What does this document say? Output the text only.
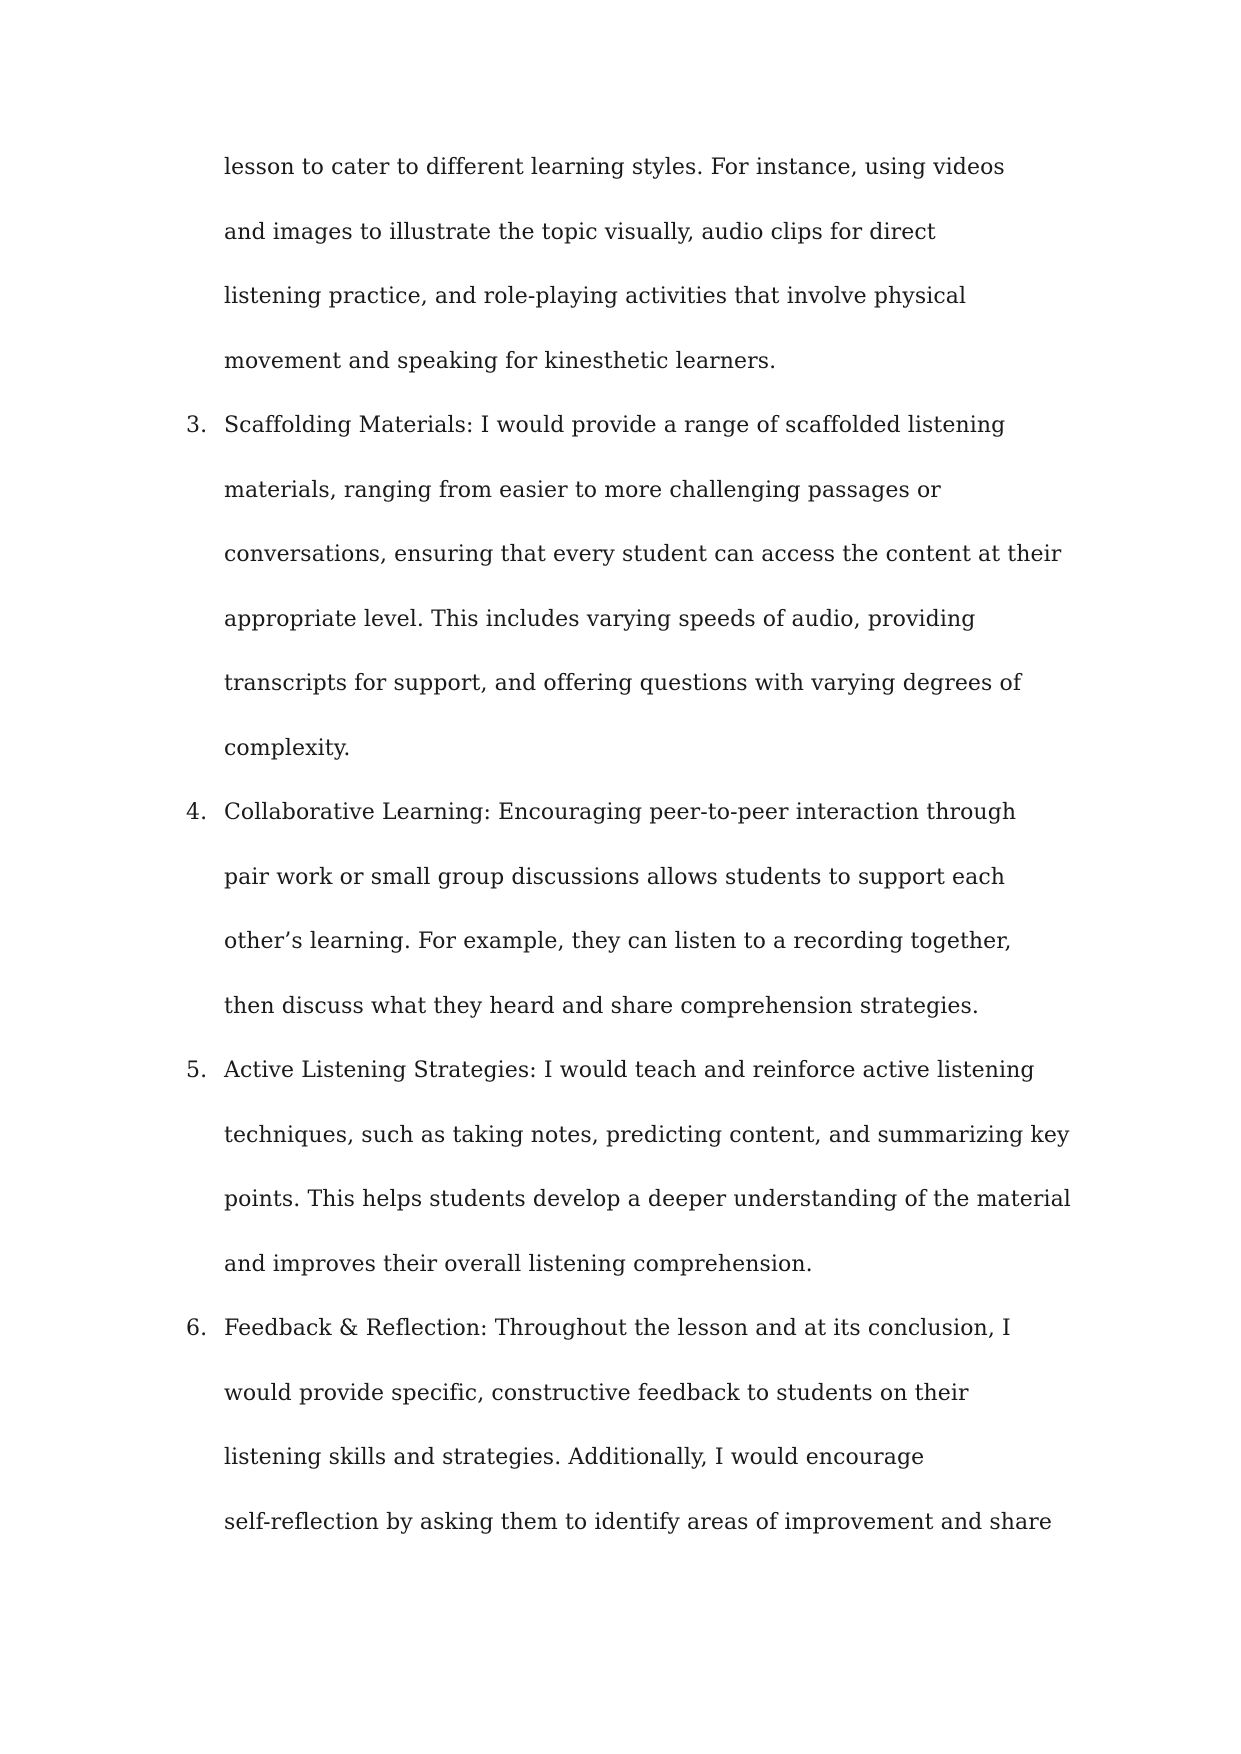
lesson to cater to different learning styles. For instance, using videos
and images to illustrate the topic visually, audio clips for direct
listening practice, and role-playing activities that involve physical
movement and speaking for kinesthetic learners.
3. Scaffolding Materials: I would provide a range of scaffolded listening
materials, ranging from easier to more challenging passages or
conversations, ensuring that every student can access the content at their
appropriate level. This includes varying speeds of audio, providing
transcripts for support, and offering questions with varying degrees of
complexity.
4. Collaborative Learning: Encouraging peer-to-peer interaction through
pair work or small group discussions allows students to support each
other’s learning. For example, they can listen to a recording together,
then discuss what they heard and share comprehension strategies.
5. Active Listening Strategies: I would teach and reinforce active listening
techniques, such as taking notes, predicting content, and summarizing key
points. This helps students develop a deeper understanding of the material
and improves their overall listening comprehension.
6. Feedback & Reflection: Throughout the lesson and at its conclusion, I
would provide specific, constructive feedback to students on their
listening skills and strategies. Additionally, I would encourage
self-reflection by asking them to identify areas of improvement and share
